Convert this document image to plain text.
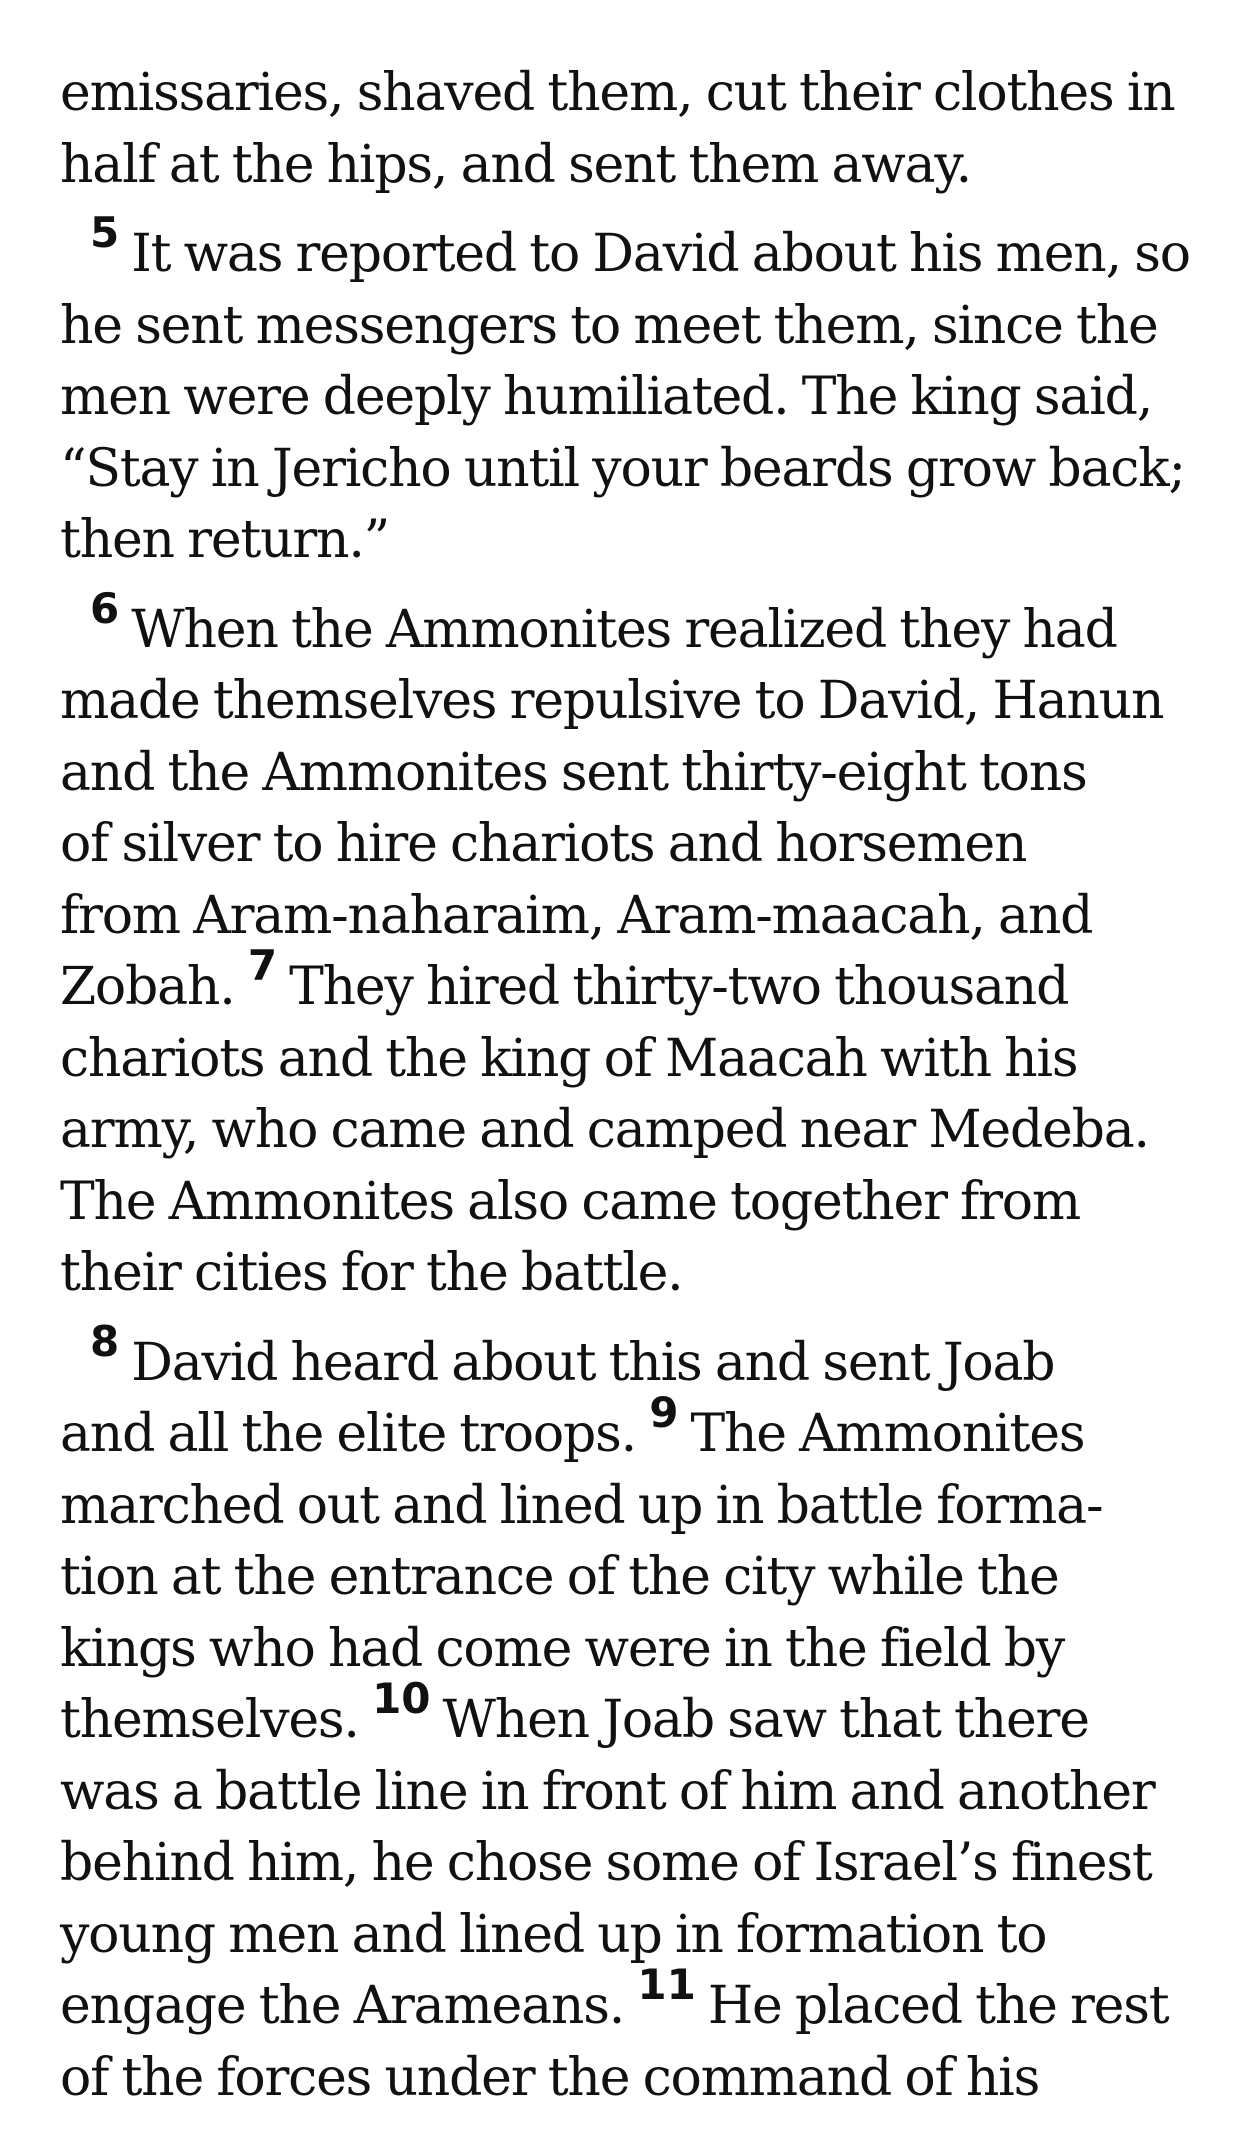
emissaries, shaved them, cut their clothes in
half at the hips, and sent them away.
$^5$ It was reported to David about his men, so
he sent messengers to meet them, since the
men were deeply humiliated. The king said,
“Stay in Jericho until your beards grow back;
then return.”
$^6$ When the Ammonites realized they had
made themselves repulsive to David, Hanun
and the Ammonites sent thirty-eight tons
of silver to hire chariots and horsemen
from Aram-naharaim, Aram-maacah, and
Zobah. $^7$ They hired thirty-two thousand
chariots and the king of Maacah with his
army, who came and camped near Medeba.
The Ammonites also came together from
their cities for the battle.
$^8$ David heard about this and sent Joab
and all the elite troops. $^9$ The Ammonites
marched out and lined up in battle forma-
tion at the entrance of the city while the
kings who had come were in the field by
themselves. $^{10}$ When Joab saw that there
was a battle line in front of him and another
behind him, he chose some of Israel’s finest
young men and lined up in formation to
engage the Arameans. $^{11}$ He placed the rest
of the forces under the command of his
